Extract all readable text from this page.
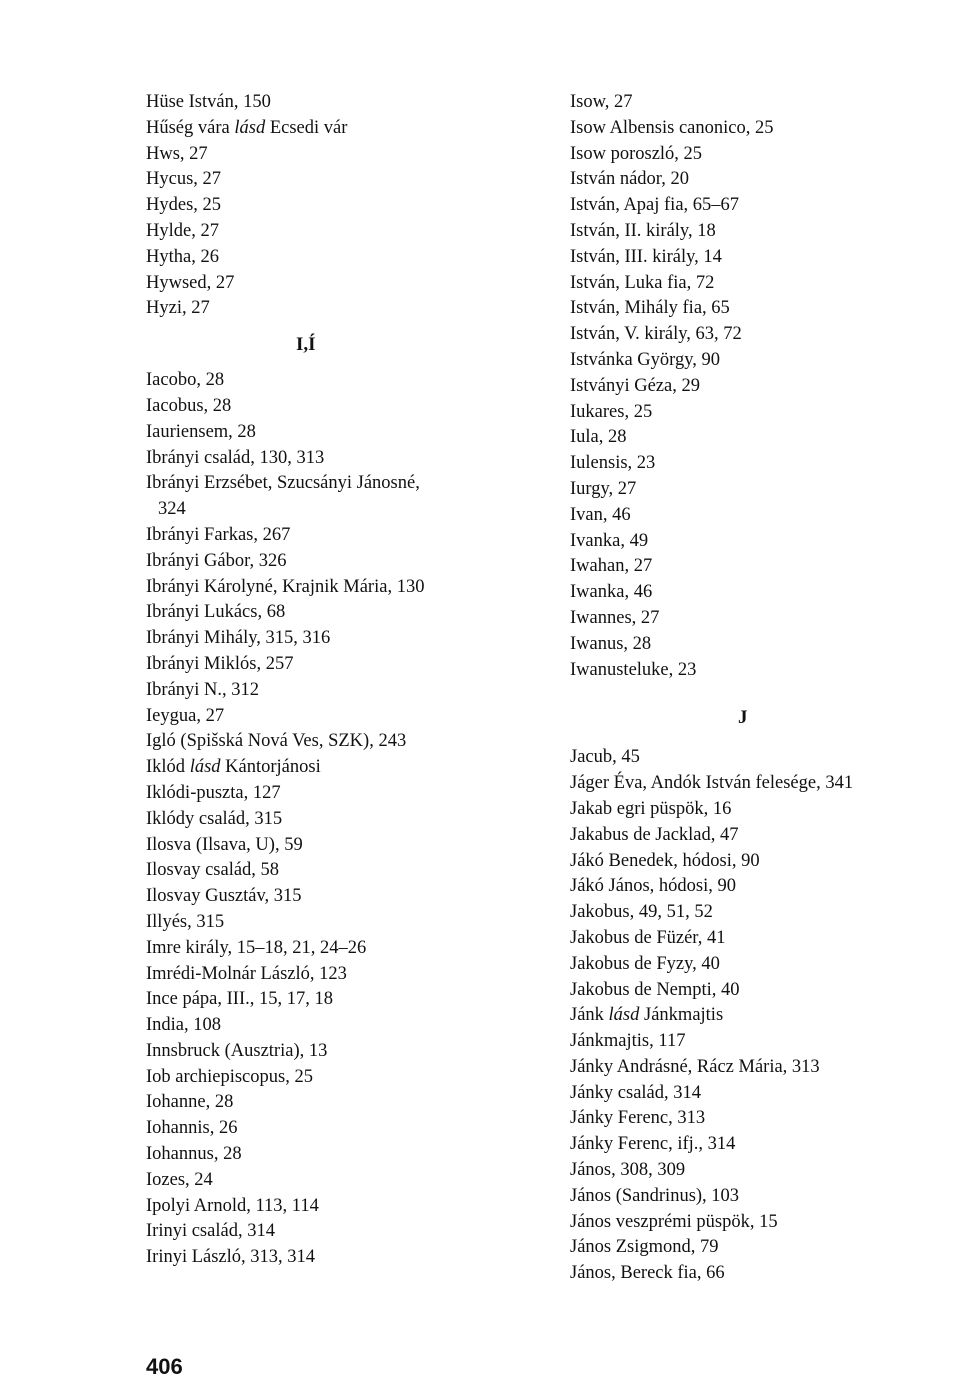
Hüse István, 150
Hűség vára lásd Ecsedi vár
Hws, 27
Hycus, 27
Hydes, 25
Hylde, 27
Hytha, 26
Hywsed, 27
Hyzi, 27
I,Í
Iacobo, 28
Iacobus, 28
Iauriensem, 28
Ibrányi család, 130, 313
Ibrányi Erzsébet, Szucsányi Jánosné,
324
Ibrányi Farkas, 267
Ibrányi Gábor, 326
Ibrányi Károlyné, Krajnik Mária, 130
Ibrányi Lukács, 68
Ibrányi Mihály, 315, 316
Ibrányi Miklós, 257
Ibrányi N., 312
Ieygua, 27
Igló (Spišská Nová Ves, SZK), 243
Iklód lásd Kántorjánosi
Iklódi-puszta, 127
Iklódy család, 315
Ilosva (Ilsava, U), 59
Ilosvay család, 58
Ilosvay Gusztáv, 315
Illyés, 315
Imre király, 15–18, 21, 24–26
Imrédi-Molnár László, 123
Ince pápa, III., 15, 17, 18
India, 108
Innsbruck (Ausztria), 13
Iob archiepiscopus, 25
Iohanne, 28
Iohannis, 26
Iohannus, 28
Iozes, 24
Ipolyi Arnold, 113, 114
Irinyi család, 314
Irinyi László, 313, 314
Isow, 27
Isow Albensis canonico, 25
Isow poroszló, 25
István nádor, 20
István, Apaj fia, 65–67
István, II. király, 18
István, III. király, 14
István, Luka fia, 72
István, Mihály fia, 65
István, V. király, 63, 72
Istvánka György, 90
Istványi Géza, 29
Iukares, 25
Iula, 28
Iulensis, 23
Iurgy, 27
Ivan, 46
Ivanka, 49
Iwahan, 27
Iwanka, 46
Iwannes, 27
Iwanus, 28
Iwanusteluke, 23
J
Jacub, 45
Jáger Éva, Andók István felesége, 341
Jakab egri püspök, 16
Jakabus de Jacklad, 47
Jákó Benedek, hódosi, 90
Jákó János, hódosi, 90
Jakobus, 49, 51, 52
Jakobus de Füzér, 41
Jakobus de Fyzy, 40
Jakobus de Nempti, 40
Jánk lásd Jánkmajtis
Jánkmajtis, 117
Jánky Andrásné, Rácz Mária, 313
Jánky család, 314
Jánky Ferenc, 313
Jánky Ferenc, ifj., 314
János, 308, 309
János (Sandrinus), 103
János veszprémi püspök, 15
János Zsigmond, 79
János, Bereck fia, 66
406
